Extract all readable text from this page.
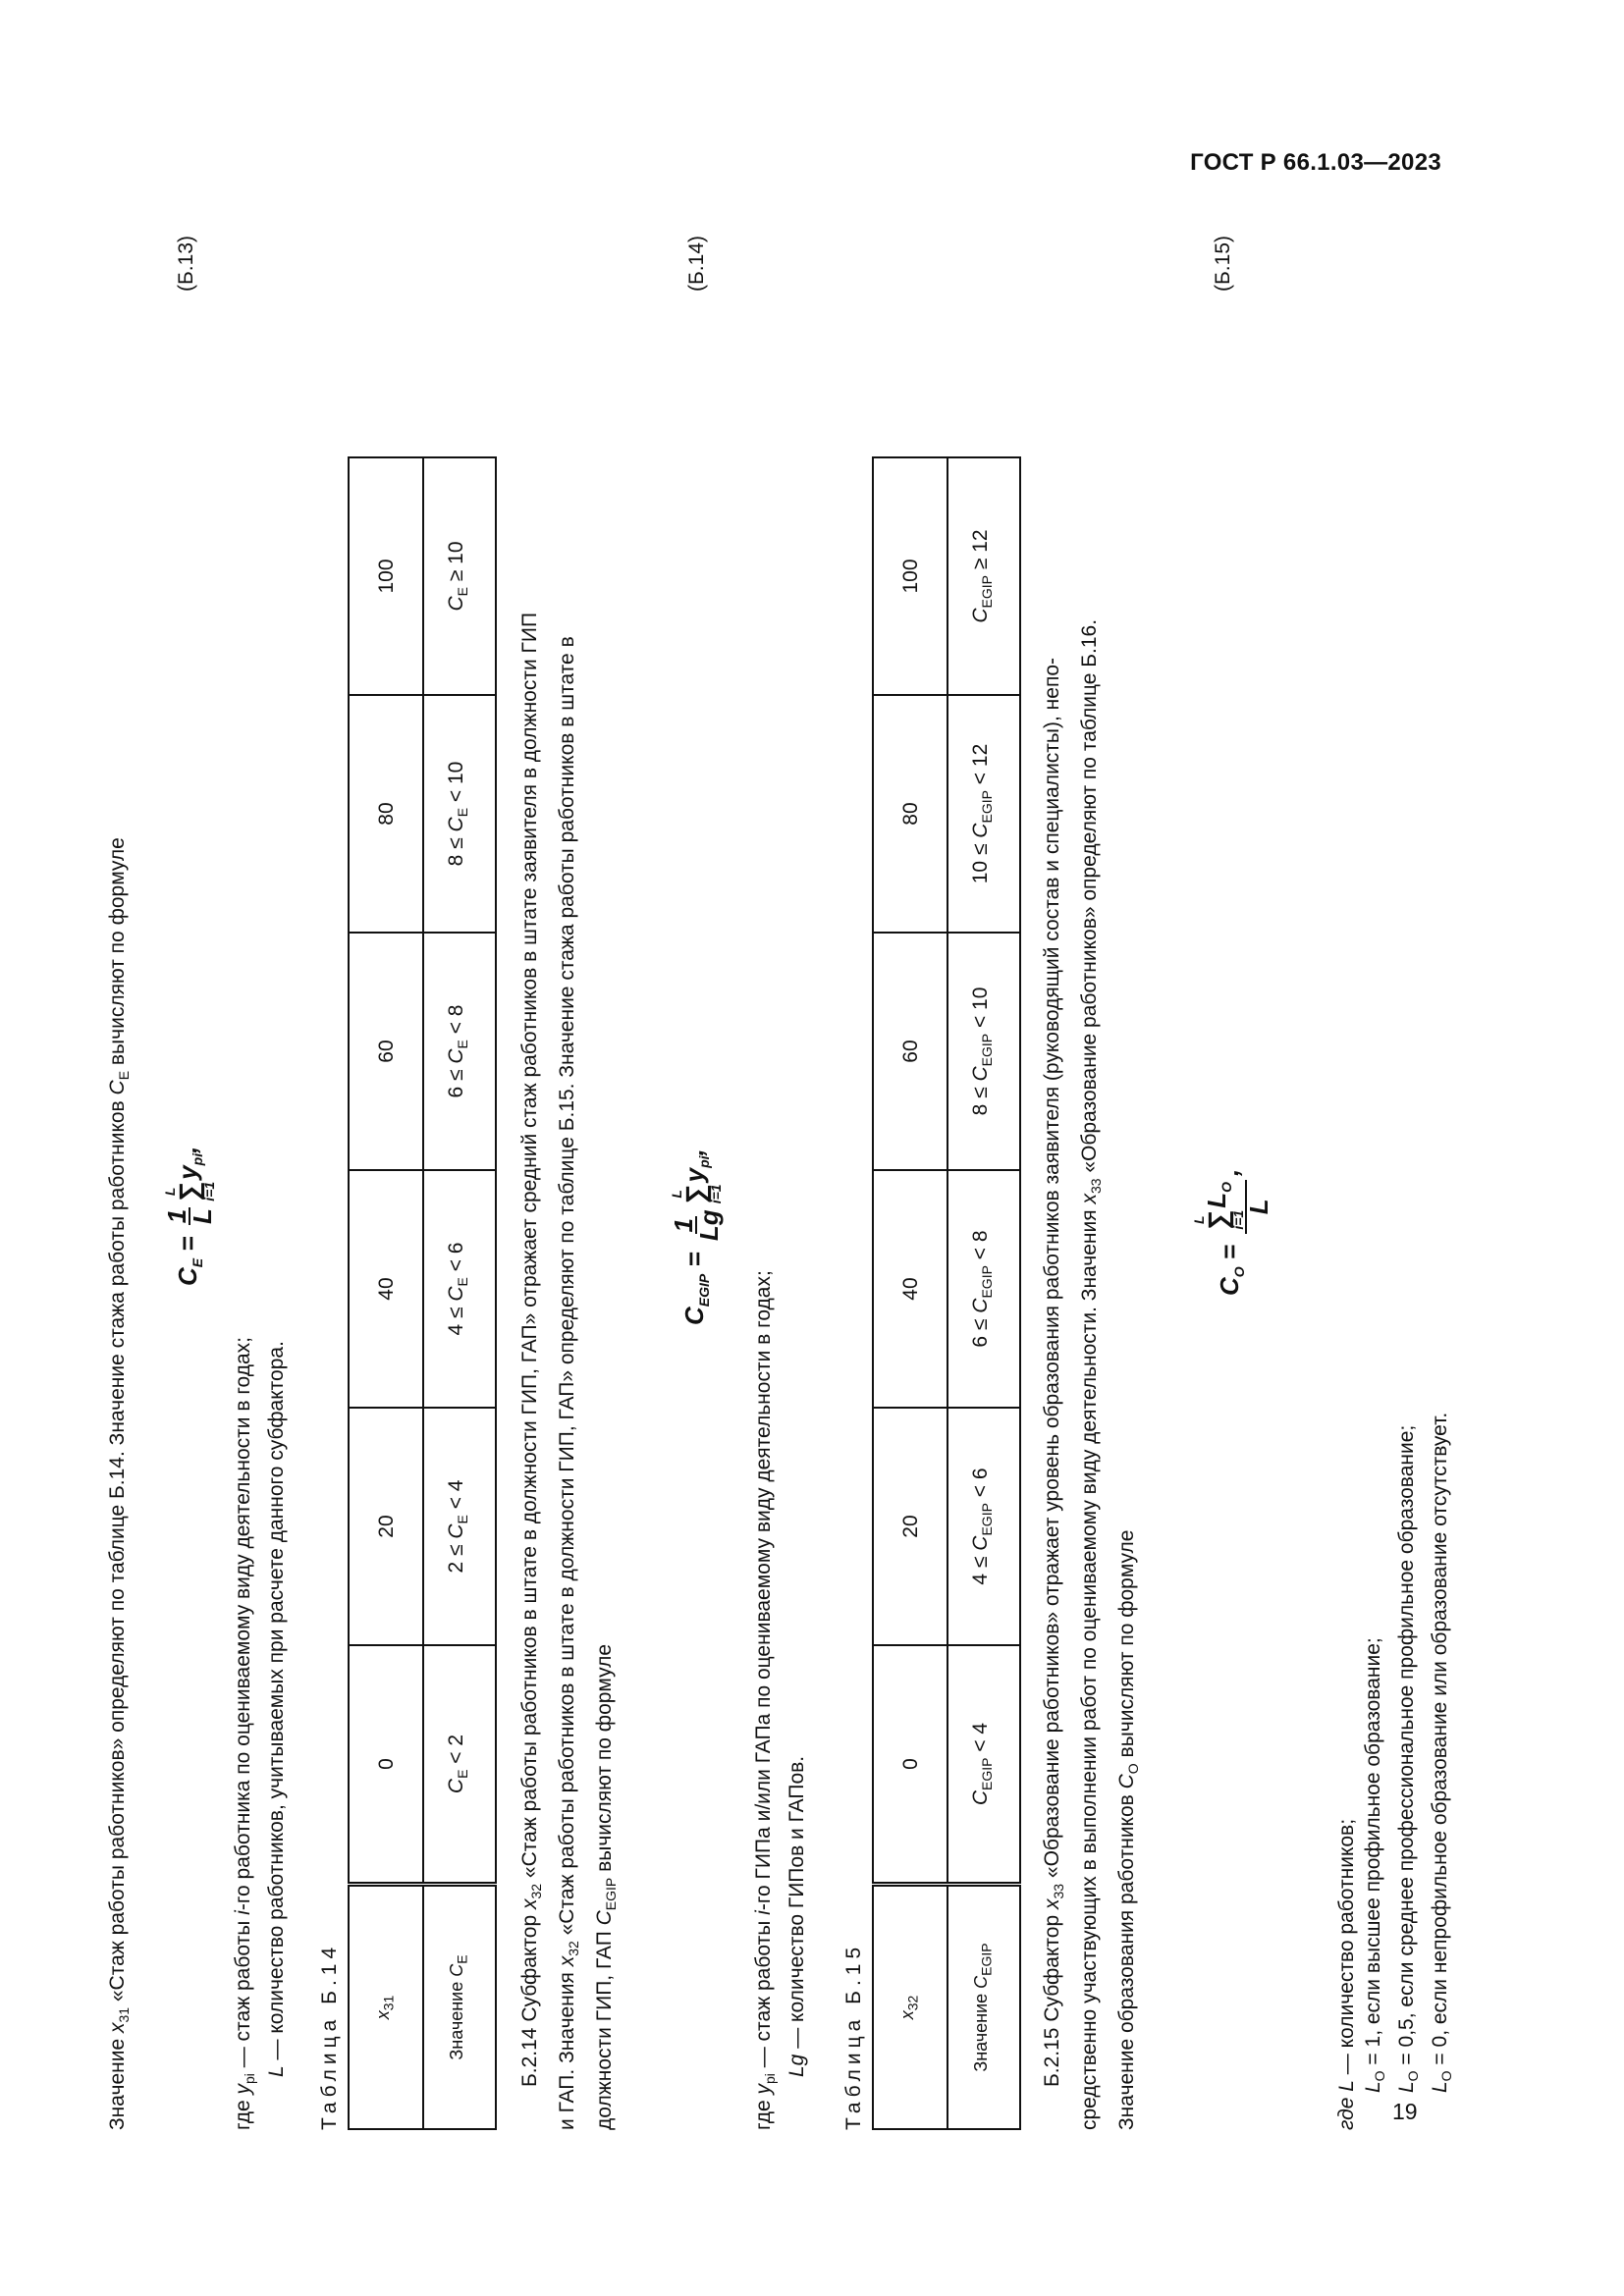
ГОСТ Р 66.1.03—2023
19

Значение $x_{31}$ «Стаж работы работников» определяют по таблице Б.14. Значение стажа работы работников $C_E$ вычисляют по формуле

$C_E$ =
1
L
L
∑
i=1
$y_{pi}$,
(Б.13)
где $y_{pi}$ — стаж работы i-го работника по оцениваемому виду деятельности в годах;
L — количество работников, учитываемых при расчете данного субфактора.
Таблица Б.14 $x_{31}$	0	20	40	60	80	100
Значение $C_E$	$C_E < 2$	$2 \le C_E < 4$	$4 \le C_E < 6$	$6 \le C_E < 8$	$8 \le C_E < 10$	$C_E \ge 10$
Б.2.14 Субфактор $x_{32}$ «Стаж работы работников в штате в должности ГИП, ГАП» отражает средний стаж работников в штате заявителя в должности ГИП
и ГАП. Значения $x_{32}$ «Стаж работы работников в штате в должности ГИП, ГАП» определяют по таблице Б.15. Значение стажа работы работников в штате в
должности ГИП, ГАП $C_{EGIP}$ вычисляют по формуле
$C_{EGIP}$ =
1
Lg
L
∑
i=1
$y_{pi}$,
(Б.14)
где $y_{pi}$ — стаж работы i-го ГИПа и/или ГАПа по оцениваемому виду деятельности в годах;
Lg — количество ГИПов и ГАПов.
Таблица Б.15 $x_{32}$	0	20	40	60	80	100
Значение $C_{EGIP}$	$C_{EGIP} < 4$	$4 \le C_{EGIP} < 6$	$6 \le C_{EGIP} < 8$	$8 \le C_{EGIP} < 10$	$10 \le C_{EGIP} < 12$	$C_{EGIP} \ge 12$
Б.2.15 Субфактор $x_{33}$ «Образование работников» отражает уровень образования работников заявителя (руководящий состав и специалисты), непо- средственно участвующих в выполнении работ по оцениваемому виду деятельности. Значения $x_{33}$ «Образование работников» определяют по таблице Б.16.
Значение образования работников $C_O$ вычисляют по формуле
$C_O$ =
L
∑
i=1
$L_O$
L
,
(Б.15)
где L — количество работников;
$L_O = 1$, если высшее профильное образование;
$L_O = 0,5$, если среднее профессиональное профильное образование;
$L_O = 0$, если непрофильное образование или образование отсутствует.
